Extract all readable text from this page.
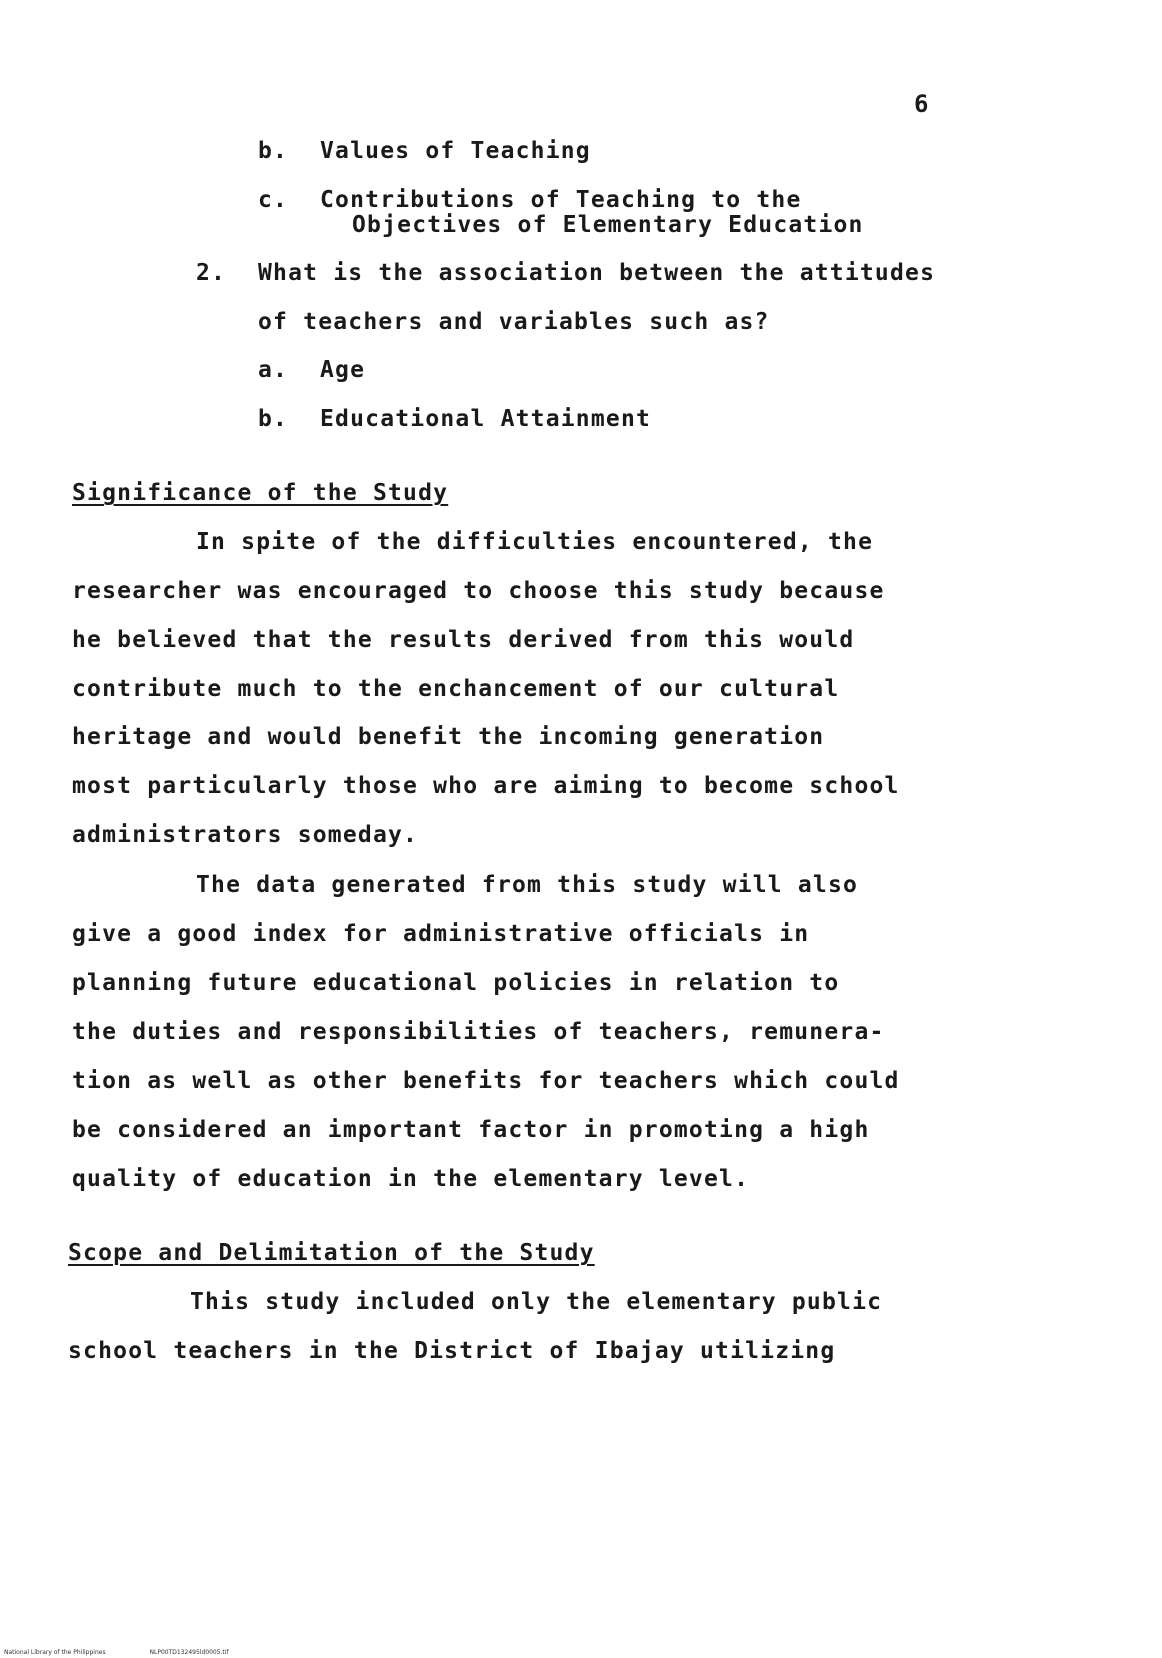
6
b. Values of Teaching
c. Contributions of Teaching to the
Objectives of Elementary Education
2. What is the association between the attitudes
of teachers and variables such as?
a. Age
b. Educational Attainment
Significance of the Study
In spite of the difficulties encountered, the
researcher was encouraged to choose this study because
he believed that the results derived from this would
contribute much to the enchancement of our cultural
heritage and would benefit the incoming generation
most particularly those who are aiming to become school
administrators someday.
The data generated from this study will also
give a good index for administrative officials in
planning future educational policies in relation to
the duties and responsibilities of teachers, remunera-
tion as well as other benefits for teachers which could
be considered an important factor in promoting a high
quality of education in the elementary level.
Scope and Delimitation of the Study
This study included only the elementary public
school teachers in the District of Ibajay utilizing
National Library of the Philippines	NLP00TD132495ld0005.tif
